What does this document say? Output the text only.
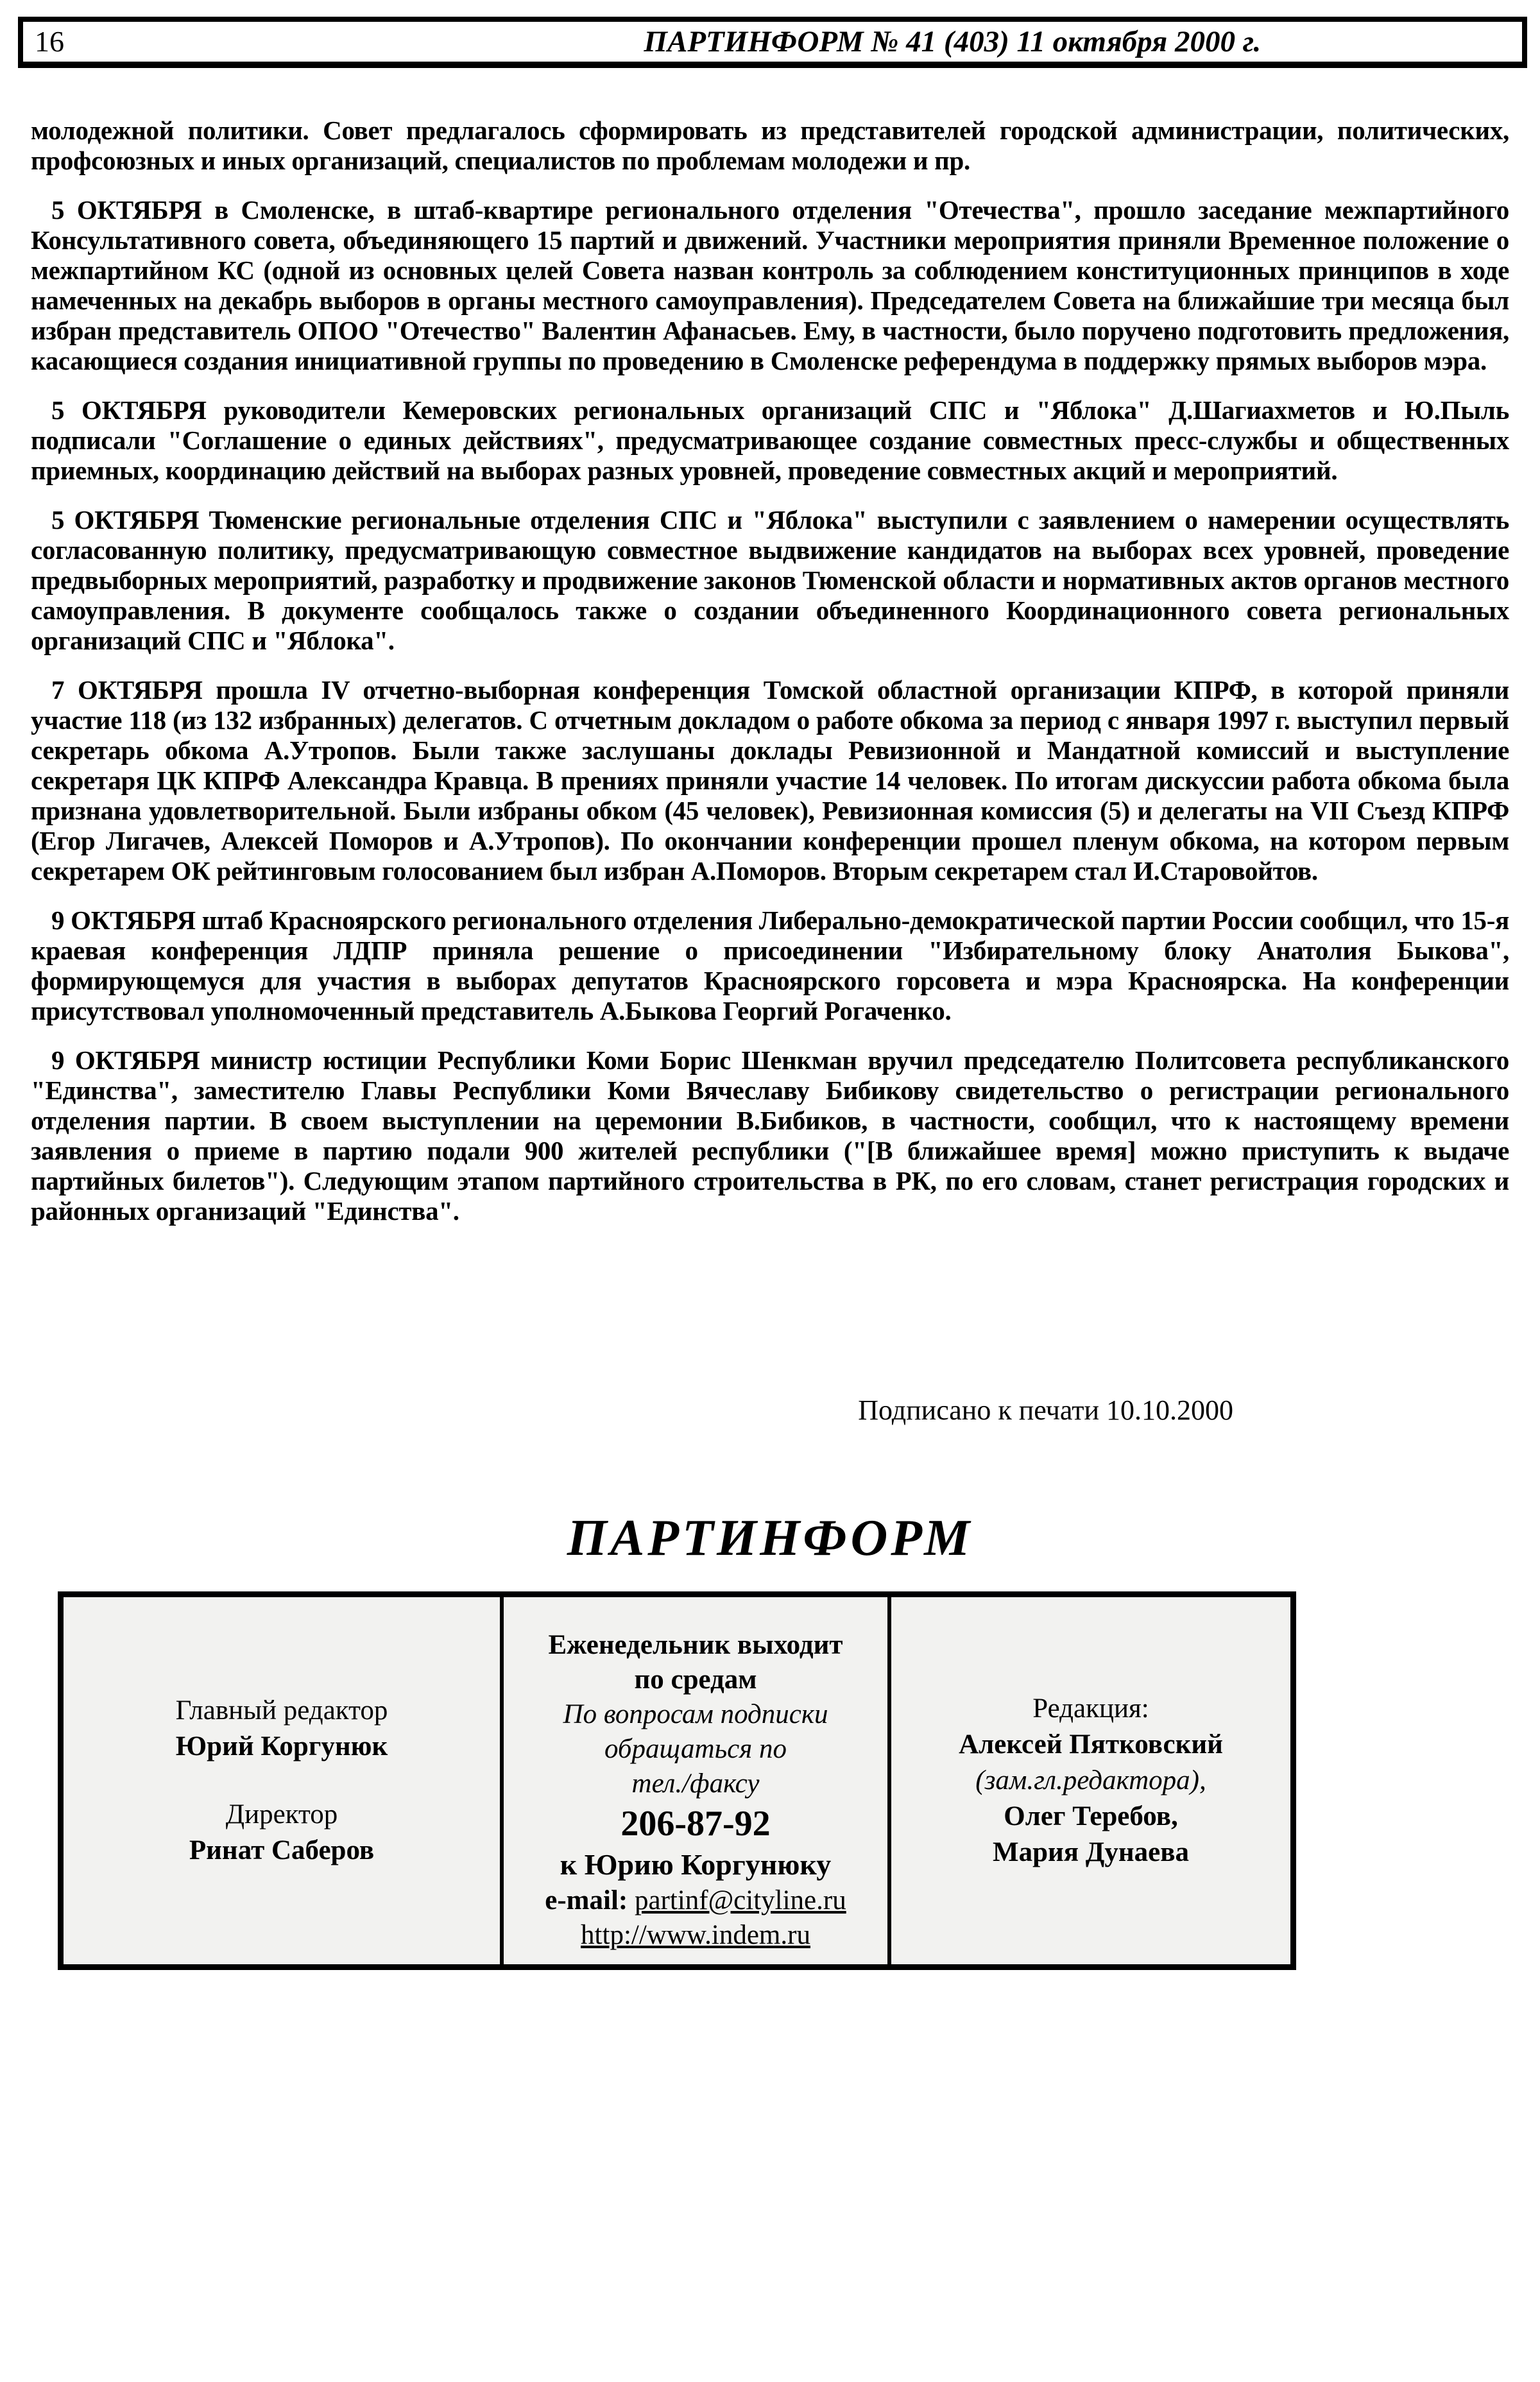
16	ПАРТИНФОРМ № 41 (403) 11 октября 2000 г.

молодежной политики. Совет предлагалось сформировать из представителей городской администрации, политических, профсоюзных и иных организаций, специалистов по проблемам молодежи и пр.

5 ОКТЯБРЯ в Смоленске, в штаб-квартире регионального отделения "Отечества", прошло заседание межпартийного Консультативного совета, объединяющего 15 партий и движений. Участники мероприятия приняли Временное положение о межпартийном КС (одной из основных целей Совета назван контроль за соблюдением конституционных принципов в ходе намеченных на декабрь выборов в органы местного самоуправления). Председателем Совета на ближайшие три месяца был избран представитель ОПОО "Отечество" Валентин Афанасьев. Ему, в частности, было поручено подготовить предложения, касающиеся создания инициативной группы по проведению в Смоленске референдума в поддержку прямых выборов мэра.

5 ОКТЯБРЯ руководители Кемеровских региональных организаций СПС и "Яблока" Д.Шагиахметов и Ю.Пыль подписали "Соглашение о единых действиях", предусматривающее создание совместных пресс-службы и общественных приемных, координацию действий на выборах разных уровней, проведение совместных акций и мероприятий.

5 ОКТЯБРЯ Тюменские региональные отделения СПС и "Яблока" выступили с заявлением о намерении осуществлять согласованную политику, предусматривающую совместное выдвижение кандидатов на выборах всех уровней, проведение предвыборных мероприятий, разработку и продвижение законов Тюменской области и нормативных актов органов местного самоуправления. В документе сообщалось также о создании объединенного Координационного совета региональных организаций СПС и "Яблока".

7 ОКТЯБРЯ прошла IV отчетно-выборная конференция Томской областной организации КПРФ, в которой приняли участие 118 (из 132 избранных) делегатов. С отчетным докладом о работе обкома за период с января 1997 г. выступил первый секретарь обкома А.Утропов. Были также заслушаны доклады Ревизионной и Мандатной комиссий и выступление секретаря ЦК КПРФ Александра Кравца. В прениях приняли участие 14 человек. По итогам дискуссии работа обкома была признана удовлетворительной. Были избраны обком (45 человек), Ревизионная комиссия (5) и делегаты на VII Съезд КПРФ (Егор Лигачев, Алексей Поморов и А.Утропов). По окончании конференции прошел пленум обкома, на котором первым секретарем ОК рейтинговым голосованием был избран А.Поморов. Вторым секретарем стал И.Старовойтов.

9 ОКТЯБРЯ штаб Красноярского регионального отделения Либерально-демократической партии России сообщил, что 15-я краевая конференция ЛДПР приняла решение о присоединении "Избирательному блоку Анатолия Быкова", формирующемуся для участия в выборах депутатов Красноярского горсовета и мэра Красноярска. На конференции присутствовал уполномоченный представитель А.Быкова Георгий Рогаченко.

9 ОКТЯБРЯ министр юстиции Республики Коми Борис Шенкман вручил председателю Политсовета республиканского "Единства", заместителю Главы Республики Коми Вячеславу Бибикову свидетельство о регистрации регионального отделения партии. В своем выступлении на церемонии В.Бибиков, в частности, сообщил, что к настоящему времени заявления о приеме в партию подали 900 жителей республики ("[В ближайшее время] можно приступить к выдаче партийных билетов"). Следующим этапом партийного строительства в РК, по его словам, станет регистрация городских и районных организаций "Единства".

Подписано к печати 10.10.2000
ПАРТИНФОРМ
Главный редактор
Юрий Коргунюк
Директор
Ринат Саберов
Еженедельник выходит
по средам
По вопросам подписки
обращаться по
тел./факсу
206-87-92
к Юрию Коргунюку
e-mail: partinf@cityline.ru
http://www.indem.ru
Редакция:
Алексей Пятковский
(зам.гл.редактора),
Олег Теребов,
Мария Дунаева
